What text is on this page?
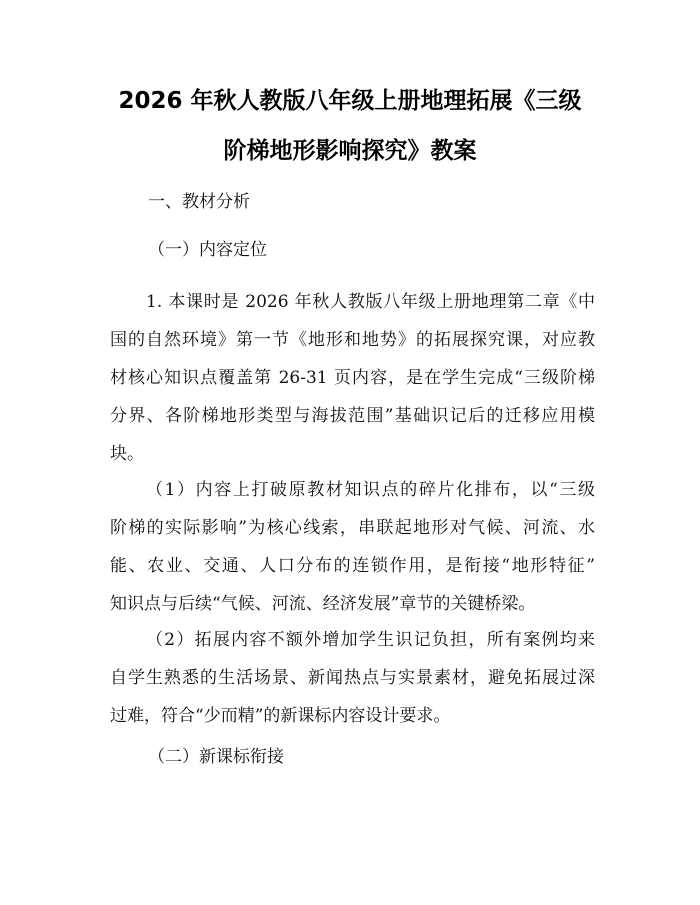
2026 年秋人教版八年级上册地理拓展《三级
阶梯地形影响探究》教案

一、教材分析

（一）内容定位

1. 本课时是 2026 年秋人教版八年级上册地理第二章《中
国的自然环境》第一节《地形和地势》的拓展探究课，对应教
材核心知识点覆盖第 26-31 页内容，是在学生完成“三级阶梯
分界、各阶梯地形类型与海拔范围”基础识记后的迁移应用模
块。
（1）内容上打破原教材知识点的碎片化排布，以“三级
阶梯的实际影响”为核心线索，串联起地形对气候、河流、水
能、农业、交通、人口分布的连锁作用，是衔接“地形特征”
知识点与后续“气候、河流、经济发展”章节的关键桥梁。
（2）拓展内容不额外增加学生识记负担，所有案例均来
自学生熟悉的生活场景、新闻热点与实景素材，避免拓展过深
过难，符合“少而精”的新课标内容设计要求。

（二）新课标衔接
